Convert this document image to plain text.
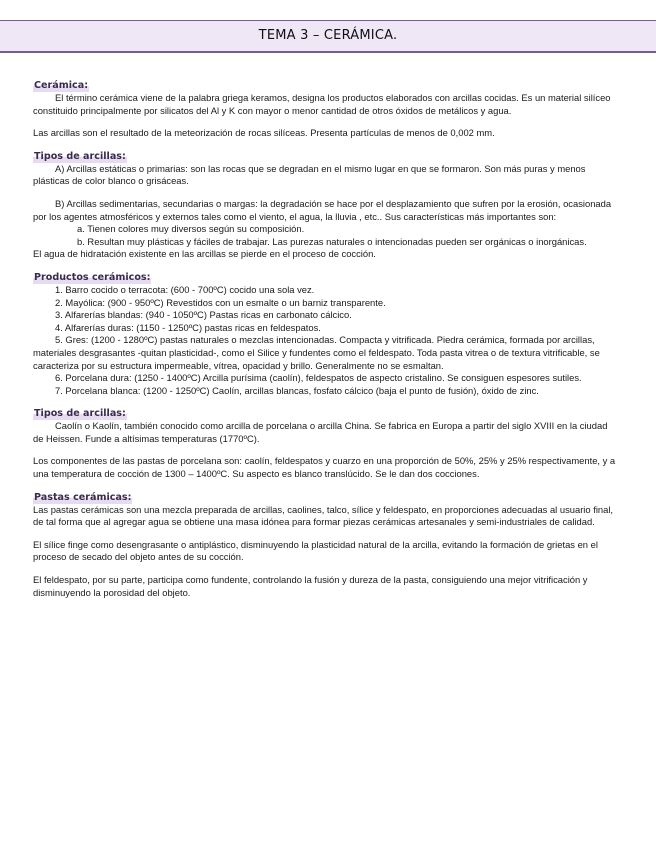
TEMA 3 – CERÁMICA.
Cerámica:

El término cerámica viene de la palabra griega keramos, designa los productos elaborados con arcillas cocidas. Es un material silíceo constituido principalmente por silicatos del Al y K con mayor o menor cantidad de otros óxidos de metálicos y agua.

Las arcillas son el resultado de la meteorización de rocas silíceas. Presenta partículas de menos de 0,002 mm.

Tipos de arcillas:

A) Arcillas estáticas o primarias: son las rocas que se degradan en el mismo lugar en que se formaron. Son más puras y menos plásticas de color blanco o grisáceas.

B) Arcillas sedimentarias, secundarias o margas: la degradación se hace por el desplazamiento que sufren por la erosión, ocasionada por los agentes atmosféricos y externos tales como el viento, el agua, la lluvia , etc.. Sus características más importantes son:

a. Tienen colores muy diversos según su composición.

b. Resultan muy plásticas y fáciles de trabajar. Las purezas naturales o intencionadas pueden ser orgánicas o inorgánicas.

El agua de hidratación existente en las arcillas se pierde en el proceso de cocción.

Productos cerámicos:

1. Barro cocido o terracota: (600 - 700ºC) cocido una sola vez.

2. Mayólica: (900 - 950ºC) Revestidos con un esmalte o un barniz transparente.

3. Alfarerías blandas: (940 - 1050ºC) Pastas ricas en carbonato cálcico.

4. Alfarerías duras: (1150 - 1250ºC) pastas ricas en feldespatos.

5. Gres: (1200 - 1280ºC) pastas naturales o mezclas intencionadas. Compacta y vitrificada. Piedra cerámica, formada por arcillas, materiales desgrasantes -quitan plasticidad-, como el Silice y fundentes como el feldespato. Toda pasta vitrea o de textura vitrificable, se caracteriza por su estructura impermeable, vítrea, opacidad y brillo. Generalmente no se esmaltan.

6. Porcelana dura: (1250 - 1400ºC) Arcilla purísima (caolín), feldespatos de aspecto cristalino. Se consiguen espesores sutiles.

7. Porcelana blanca: (1200 - 1250ºC) Caolín, arcillas blancas, fosfato cálcico (baja el punto de fusión), óxido de zinc.

Tipos de arcillas:

Caolín o Kaolín, también conocido como arcilla de porcelana o arcilla China. Se fabrica en Europa a partir del siglo XVIII en la ciudad de Heissen. Funde a altísimas temperaturas (1770ºC).

Los componentes de las pastas de porcelana son: caolín, feldespatos y cuarzo en una proporción de 50%, 25% y 25% respectivamente, y a una temperatura de cocción de 1300 – 1400ºC. Su aspecto es blanco translúcido. Se le dan dos cocciones.

Pastas cerámicas:

Las pastas cerámicas son una mezcla preparada de arcillas, caolines, talco, sílice y feldespato, en proporciones adecuadas al usuario final, de tal forma que al agregar agua se obtiene una masa idónea para formar piezas cerámicas artesanales y semi-industriales de calidad.

El sílice finge como desengrasante o antiplástico, disminuyendo la plasticidad natural de la arcilla, evitando la formación de grietas en el proceso de secado del objeto antes de su cocción.

El feldespato, por su parte, participa como fundente, controlando la fusión y dureza de la pasta, consiguiendo una mejor vitrificación y disminuyendo la porosidad del objeto.
